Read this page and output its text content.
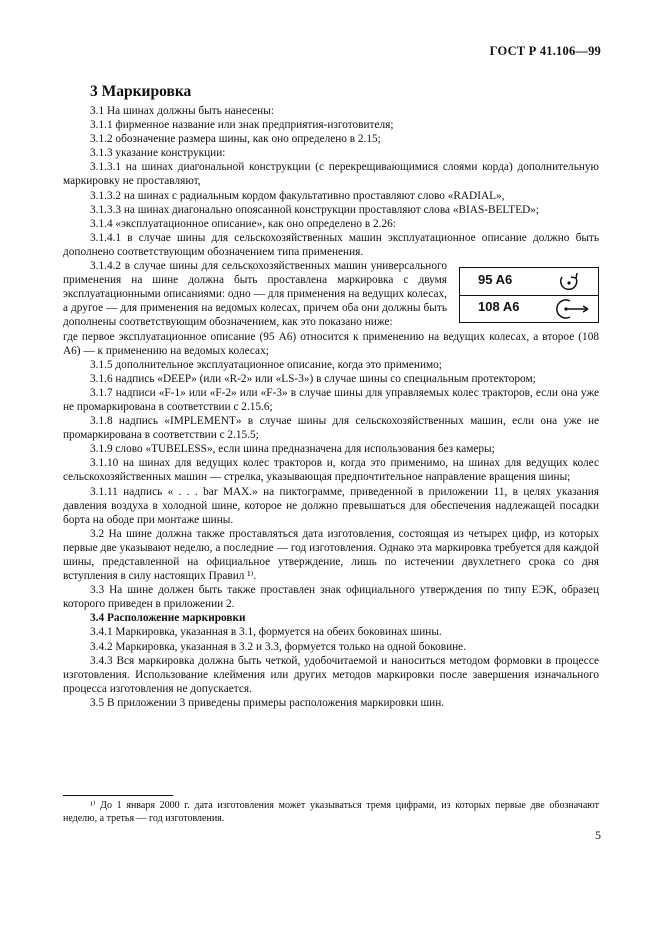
ГОСТ Р 41.106—99
3 Маркировка

3.1 На шинах должны быть нанесены:

3.1.1 фирменное название или знак предприятия-изготовителя;

3.1.2 обозначение размера шины, как оно определено в 2.15;

3.1.3 указание конструкции:

3.1.3.1 на шинах диагональной конструкции (с перекрещивающимися слоями корда) дополнительную маркировку не проставляют,

3.1.3.2 на шинах с радиальным кордом факультативно проставляют слово «RADIAL»,

3.1.3.3 на шинах диагонально опоясанной конструкции проставляют слова «BIAS-BELTED»;

3.1.4 «эксплуатационное описание», как оно определено в 2.26:

3.1.4.1 в случае шины для сельскохозяйственных машин эксплуатационное описание должно быть дополнено соответствующим обозначением типа применения.

95 A6
108 A6

3.1.4.2 в случае шины для сельскохозяйственных машин универсального применения на шине должна быть проставлена маркировка с двумя эксплуатационными описаниями: одно — для применения на ведущих колесах, а другое — для применения на ведомых колесах, причем оба они должны быть дополнены соответствующим обозначением, как это показано ниже:

где первое эксплуатационное описание (95 А6) относится к применению на ведущих колесах, а второе (108 А6) — к применению на ведомых колесах;

3.1.5 дополнительное эксплуатационное описание, когда это применимо;

3.1.6 надпись «DEEP» (или «R-2» или «LS-3») в случае шины со специальным протектором;

3.1.7 надписи «F-1» или «F-2» или «F-3» в случае шины для управляемых колес тракторов, если она уже не промаркирована в соответствии с 2.15.6;

3.1.8 надпись «IMPLEMENT» в случае шины для сельскохозяйственных машин, если она уже не промаркирована в соответствии с 2.15.5;

3.1.9 слово «TUBELESS», если шина предназначена для использования без камеры;

3.1.10 на шинах для ведущих колес тракторов и, когда это применимо, на шинах для ведущих колес сельскохозяйственных машин — стрелка, указывающая предпочтительное направление вращения шины;

3.1.11 надпись « . . . bar MAX.» на пиктограмме, приведенной в приложении 11, в целях указания давления воздуха в холодной шине, которое не должно превышаться для обеспечения надлежащей посадки борта на ободе при монтаже шины.

3.2 На шине должна также проставляться дата изготовления, состоящая из четырех цифр, из которых первые две указывают неделю, а последние — год изготовления. Однако эта маркировка требуется для каждой шины, представленной на официальное утверждение, лишь по истечении двухлетнего срока со дня вступления в силу настоящих Правил ¹⁾.

3.3 На шине должен быть также проставлен знак официального утверждения по типу ЕЭК, образец которого приведен в приложении 2.

3.4 Расположение маркировки

3.4.1 Маркировка, указанная в 3.1, формуется на обеих боковинах шины.

3.4.2 Маркировка, указанная в 3.2 и 3.3, формуется только на одной боковине.

3.4.3 Вся маркировка должна быть четкой, удобочитаемой и наноситься методом формовки в процессе изготовления. Использование клеймения или других методов маркировки после завершения изначального процесса изготовления не допускается.

3.5 В приложении 3 приведены примеры расположения маркировки шин.

¹⁾ До 1 января 2000 г. дата изготовления может указываться тремя цифрами, из которых первые две обозначают неделю, а третья — год изготовления.
5
